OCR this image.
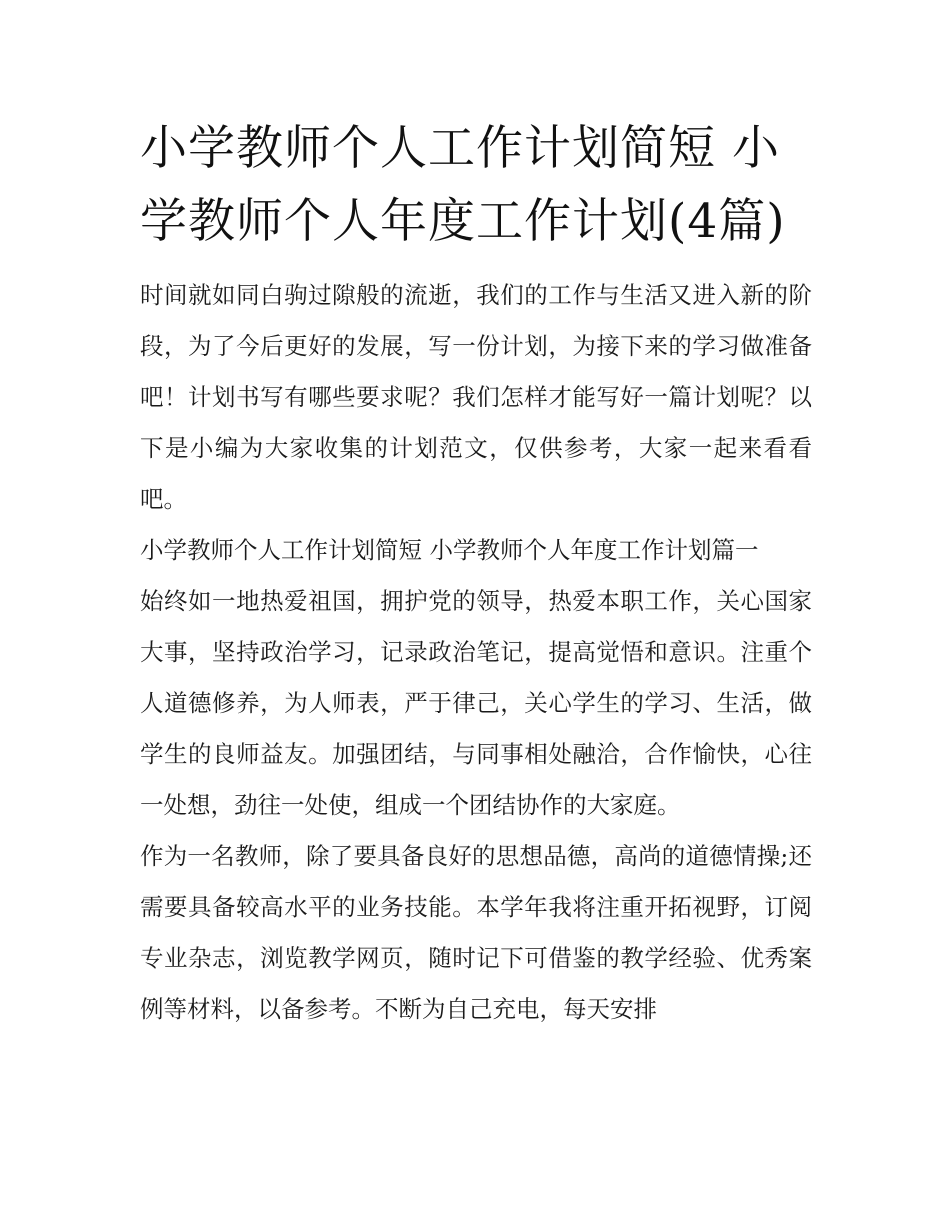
小学教师个人工作计划简短 小学教师个人年度工作计划(4篇)

时间就如同白驹过隙般的流逝，我们的工作与生活又进入新的阶段，为了今后更好的发展，写一份计划，为接下来的学习做准备吧！计划书写有哪些要求呢？我们怎样才能写好一篇计划呢？以下是小编为大家收集的计划范文，仅供参考，大家一起来看看吧。

小学教师个人工作计划简短 小学教师个人年度工作计划篇一

始终如一地热爱祖国，拥护党的领导，热爱本职工作，关心国家大事，坚持政治学习，记录政治笔记，提高觉悟和意识。注重个人道德修养，为人师表，严于律己，关心学生的学习、生活，做学生的良师益友。加强团结，与同事相处融洽，合作愉快，心往一处想，劲往一处使，组成一个团结协作的大家庭。

作为一名教师，除了要具备良好的思想品德，高尚的道德情操;还需要具备较高水平的业务技能。本学年我将注重开拓视野，订阅专业杂志，浏览教学网页，随时记下可借鉴的教学经验、优秀案例等材料，以备参考。不断为自己充电，每天安排
